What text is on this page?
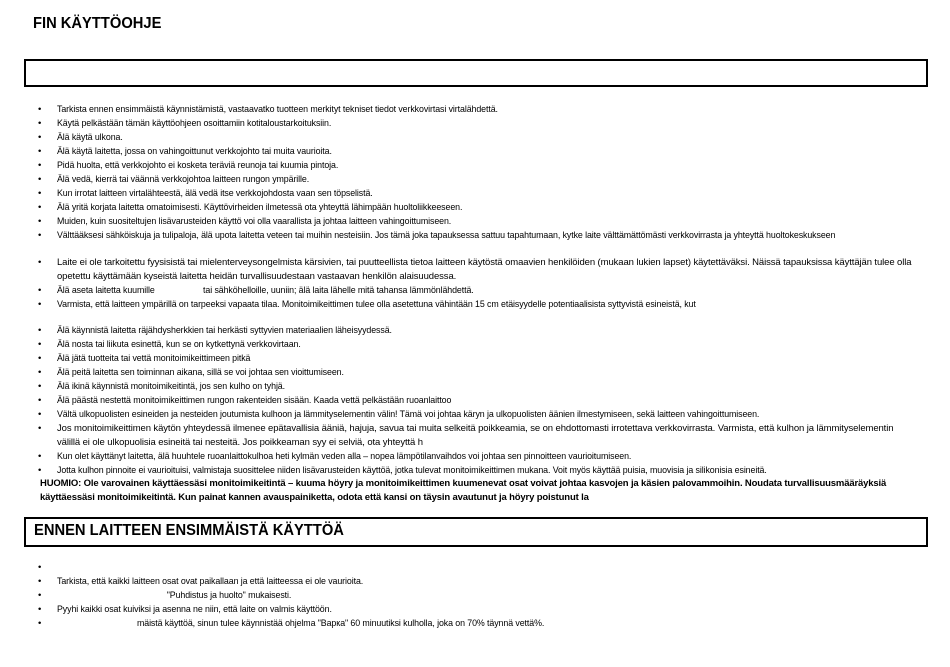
FIN KÄYTTÖOHJE
• Tarkista ennen ensimmäistä käynnistämistä, vastaavatko tuotteen merkityt tekniset tiedot verkkovirtasi virtalähdettä.
• Käytä pelkästään tämän käyttöohjeen osoittamiin kotitaloustarkoituksiin.
• Älä käytä ulkona.
• Älä käytä laitetta, jossa on vahingoittunut verkkojohto tai muita vaurioita.
• Pidä huolta, että verkkojohto ei kosketa teräviä reunoja tai kuumia pintoja.
• Älä vedä, kierrä tai väännä verkkojohtoa laitteen rungon ympärille.
• Kun irrotat laitteen virtalähteestä, älä vedä itse verkkojohdosta vaan sen töpselistä.
• Älä yritä korjata laitetta omatoimisesti. Käyttövirheiden ilmetessä ota yhteyttä lähimpään huoltoliikkeeseen.
• Muiden, kuin suositeltujen lisävarusteiden käyttö voi olla vaarallista ja johtaa laitteen vahingoittumiseen.
• Välttääksesi sähköiskuja ja tulipaloja, älä upota laitetta veteen tai muihin nesteisiin. Jos tämä joka tapauksessa sattuu tapahtumaan, kytke laite välttämättömästi verkkovirrasta ja yhteyttä huoltokeskukseen
• Laite ei ole tarkoitettu fyysisistä tai mielenterveysongelmista kärsivien, tai puutteellista tietoa laitteen käytöstä omaavien henkilöiden (mukaan lukien lapset) käytettäväksi. Näissä tapauksissa käyttäjän tulee olla opetettu käyttämään kyseistä laitetta heidän turvallisuudestaan vastaavan henkilön alaisuudessa.
• Älä aseta laitetta kuumille	tai sähköhelloille, uuniin; älä laita lähelle mitä tahansa lämmönlähdettä.
• Varmista, että laitteen ympärillä on tarpeeksi vapaata tilaa. Monitoimikeittimen tulee olla asetettuna vähintään 15 cm etäisyydelle potentiaalisista syttyvistä esineistä, kut
• Älä käynnistä laitetta räjähdysherkkien tai herkästi syttyvien materiaalien läheisyydessä.
• Älä nosta tai liikuta esinettä, kun se on kytkettynä verkkovirtaan.
• Älä jätä tuotteita tai vettä monitoimikeittimeen pitkä
• Älä peitä laitetta sen toiminnan aikana, sillä se voi johtaa sen vioittumiseen.
• Älä ikinä käynnistä monitoimikeitintä, jos sen kulho on tyhjä.
• Älä päästä nestettä monitoimikeittimen rungon rakenteiden sisään. Kaada vettä pelkästään ruoanlaittoo
• Vältä ulkopuolisten esineiden ja nesteiden joutumista kulhoon ja lämmityselementin välin! Tämä voi johtaa käryn ja ulkopuolisten äänien ilmestymiseen, sekä laitteen vahingoittumiseen.
• Jos monitoimikeittimen käytön yhteydessä ilmenee epätavallisia ääniä, hajuja, savua tai muita selkeitä poikkeamia, se on ehdottomasti irrotettava verkkovirrasta. Varmista, että kulhon ja lämmityselementin välillä ei ole ulkopuolisia esineitä tai nesteitä. Jos poikkeaman syy ei selviä, ota yhteyttä h
• Kun olet käyttänyt laitetta, älä huuhtele ruoanlaittokulhoa heti kylmän veden alla – nopea lämpötilanvaihdos voi johtaa sen pinnoitteen vaurioitumiseen.
• Jotta kulhon pinnoite ei vaurioituisi, valmistaja suosittelee niiden lisävarusteiden käyttöä, jotka tulevat monitoimikeittimen mukana. Voit myös käyttää puisia, muovisia ja silikonisia esineitä.
HUOMIO: Ole varovainen käyttäessäsi monitoimikeitintä – kuuma höyry ja monitoimikeittimen kuumenevat osat voivat johtaa kasvojen ja käsien palovammoihin. Noudata turvallisuusmääräyksiä käyttäessäsi monitoimikeitintä. Kun painat kannen avauspainiketta, odota että kansi on täysin avautunut ja höyry poistunut la
ENNEN LAITTEEN ENSIMMÄISTÄ KÄYTTÖÄ
•
• Tarkista, että kaikki laitteen osat ovat paikallaan ja että laitteessa ei ole vaurioita.
•	"Puhdistus ja huolto" mukaisesti.
• Pyyhi kaikki osat kuiviksi ja asenna ne niin, että laite on valmis käyttöön.
•	mäistä käyttöä, sinun tulee käynnistää ohjelma "Варка" 60 minuutiksi kulholla, joka on 70% täynnä vettä%.
